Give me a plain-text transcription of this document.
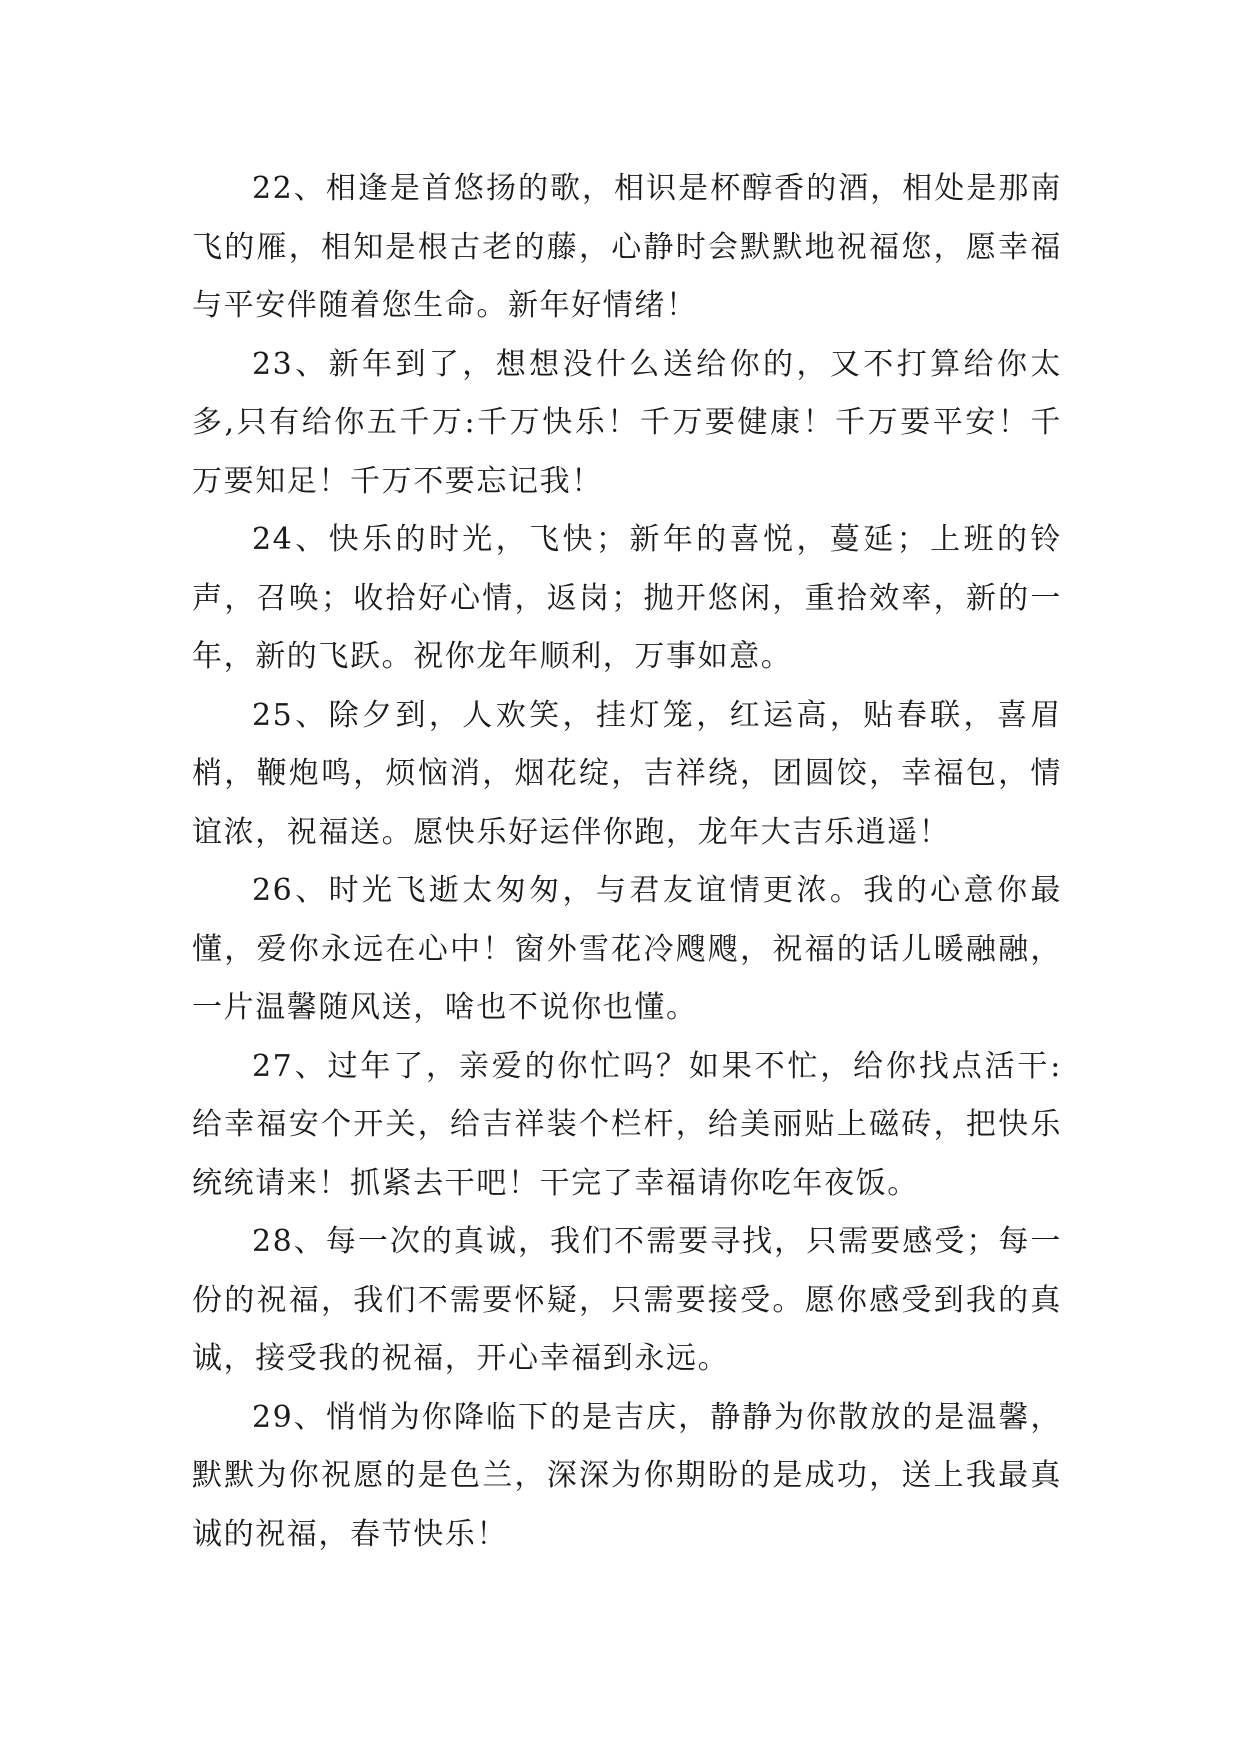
22、相逢是首悠扬的歌，相识是杯醇香的酒，相处是那南飞的雁，相知是根古老的藤，心静时会默默地祝福您，愿幸福与平安伴随着您生命。新年好情绪！

23、新年到了，想想没什么送给你的，又不打算给你太多,只有给你五千万:千万快乐！千万要健康！千万要平安！千万要知足！千万不要忘记我！

24、快乐的时光，飞快；新年的喜悦，蔓延；上班的铃声，召唤；收拾好心情，返岗；抛开悠闲，重拾效率，新的一年，新的飞跃。祝你龙年顺利，万事如意。

25、除夕到，人欢笑，挂灯笼，红运高，贴春联，喜眉梢，鞭炮鸣，烦恼消，烟花绽，吉祥绕，团圆饺，幸福包，情谊浓，祝福送。愿快乐好运伴你跑，龙年大吉乐逍遥！

26、时光飞逝太匆匆，与君友谊情更浓。我的心意你最懂，爱你永远在心中！窗外雪花冷飕飕，祝福的话儿暖融融，一片温馨随风送，啥也不说你也懂。

27、过年了，亲爱的你忙吗？如果不忙，给你找点活干:给幸福安个开关，给吉祥装个栏杆，给美丽贴上磁砖，把快乐统统请来！抓紧去干吧！干完了幸福请你吃年夜饭。

28、每一次的真诚，我们不需要寻找，只需要感受；每一份的祝福，我们不需要怀疑，只需要接受。愿你感受到我的真诚，接受我的祝福，开心幸福到永远。

29、悄悄为你降临下的是吉庆，静静为你散放的是温馨，默默为你祝愿的是色兰，深深为你期盼的是成功，送上我最真诚的祝福，春节快乐！
